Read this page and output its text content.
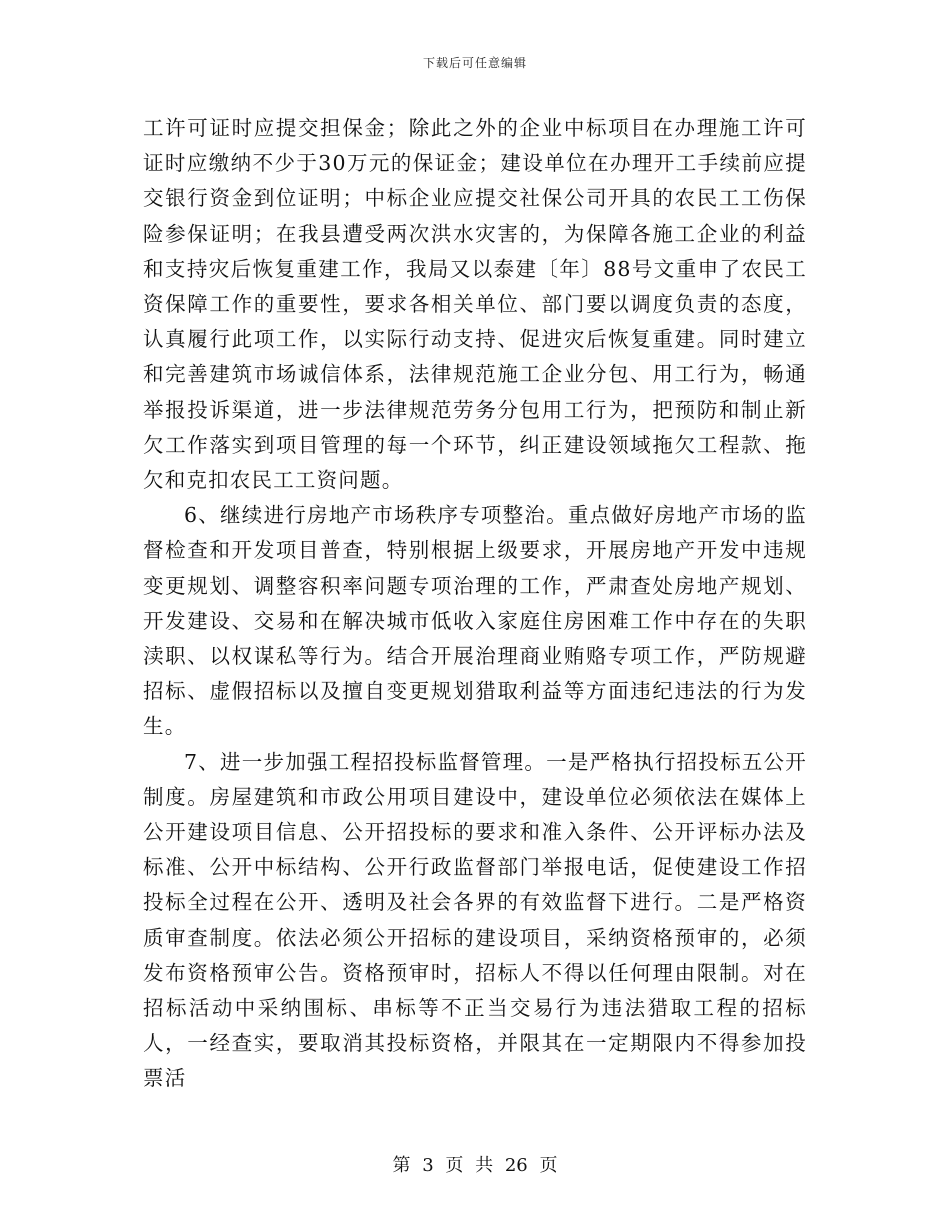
下载后可任意编辑

工许可证时应提交担保金；除此之外的企业中标项目在办理施工许可证时应缴纳不少于30万元的保证金；建设单位在办理开工手续前应提交银行资金到位证明；中标企业应提交社保公司开具的农民工工伤保险参保证明；在我县遭受两次洪水灾害的，为保障各施工企业的利益和支持灾后恢复重建工作，我局又以泰建〔年〕88号文重申了农民工资保障工作的重要性，要求各相关单位、部门要以调度负责的态度，认真履行此项工作，以实际行动支持、促进灾后恢复重建。同时建立和完善建筑市场诚信体系，法律规范施工企业分包、用工行为，畅通举报投诉渠道，进一步法律规范劳务分包用工行为，把预防和制止新欠工作落实到项目管理的每一个环节，纠正建设领域拖欠工程款、拖欠和克扣农民工工资问题。

6、继续进行房地产市场秩序专项整治。重点做好房地产市场的监督检查和开发项目普查，特别根据上级要求，开展房地产开发中违规变更规划、调整容积率问题专项治理的工作，严肃查处房地产规划、开发建设、交易和在解决城市低收入家庭住房困难工作中存在的失职渎职、以权谋私等行为。结合开展治理商业贿赂专项工作，严防规避招标、虚假招标以及擅自变更规划猎取利益等方面违纪违法的行为发生。

7、进一步加强工程招投标监督管理。一是严格执行招投标五公开制度。房屋建筑和市政公用项目建设中，建设单位必须依法在媒体上公开建设项目信息、公开招投标的要求和准入条件、公开评标办法及标准、公开中标结构、公开行政监督部门举报电话，促使建设工作招投标全过程在公开、透明及社会各界的有效监督下进行。二是严格资质审查制度。依法必须公开招标的建设项目，采纳资格预审的，必须发布资格预审公告。资格预审时，招标人不得以任何理由限制。对在招标活动中采纳围标、串标等不正当交易行为违法猎取工程的招标人，一经查实，要取消其投标资格，并限其在一定期限内不得参加投票活

第 3 页 共 26 页
